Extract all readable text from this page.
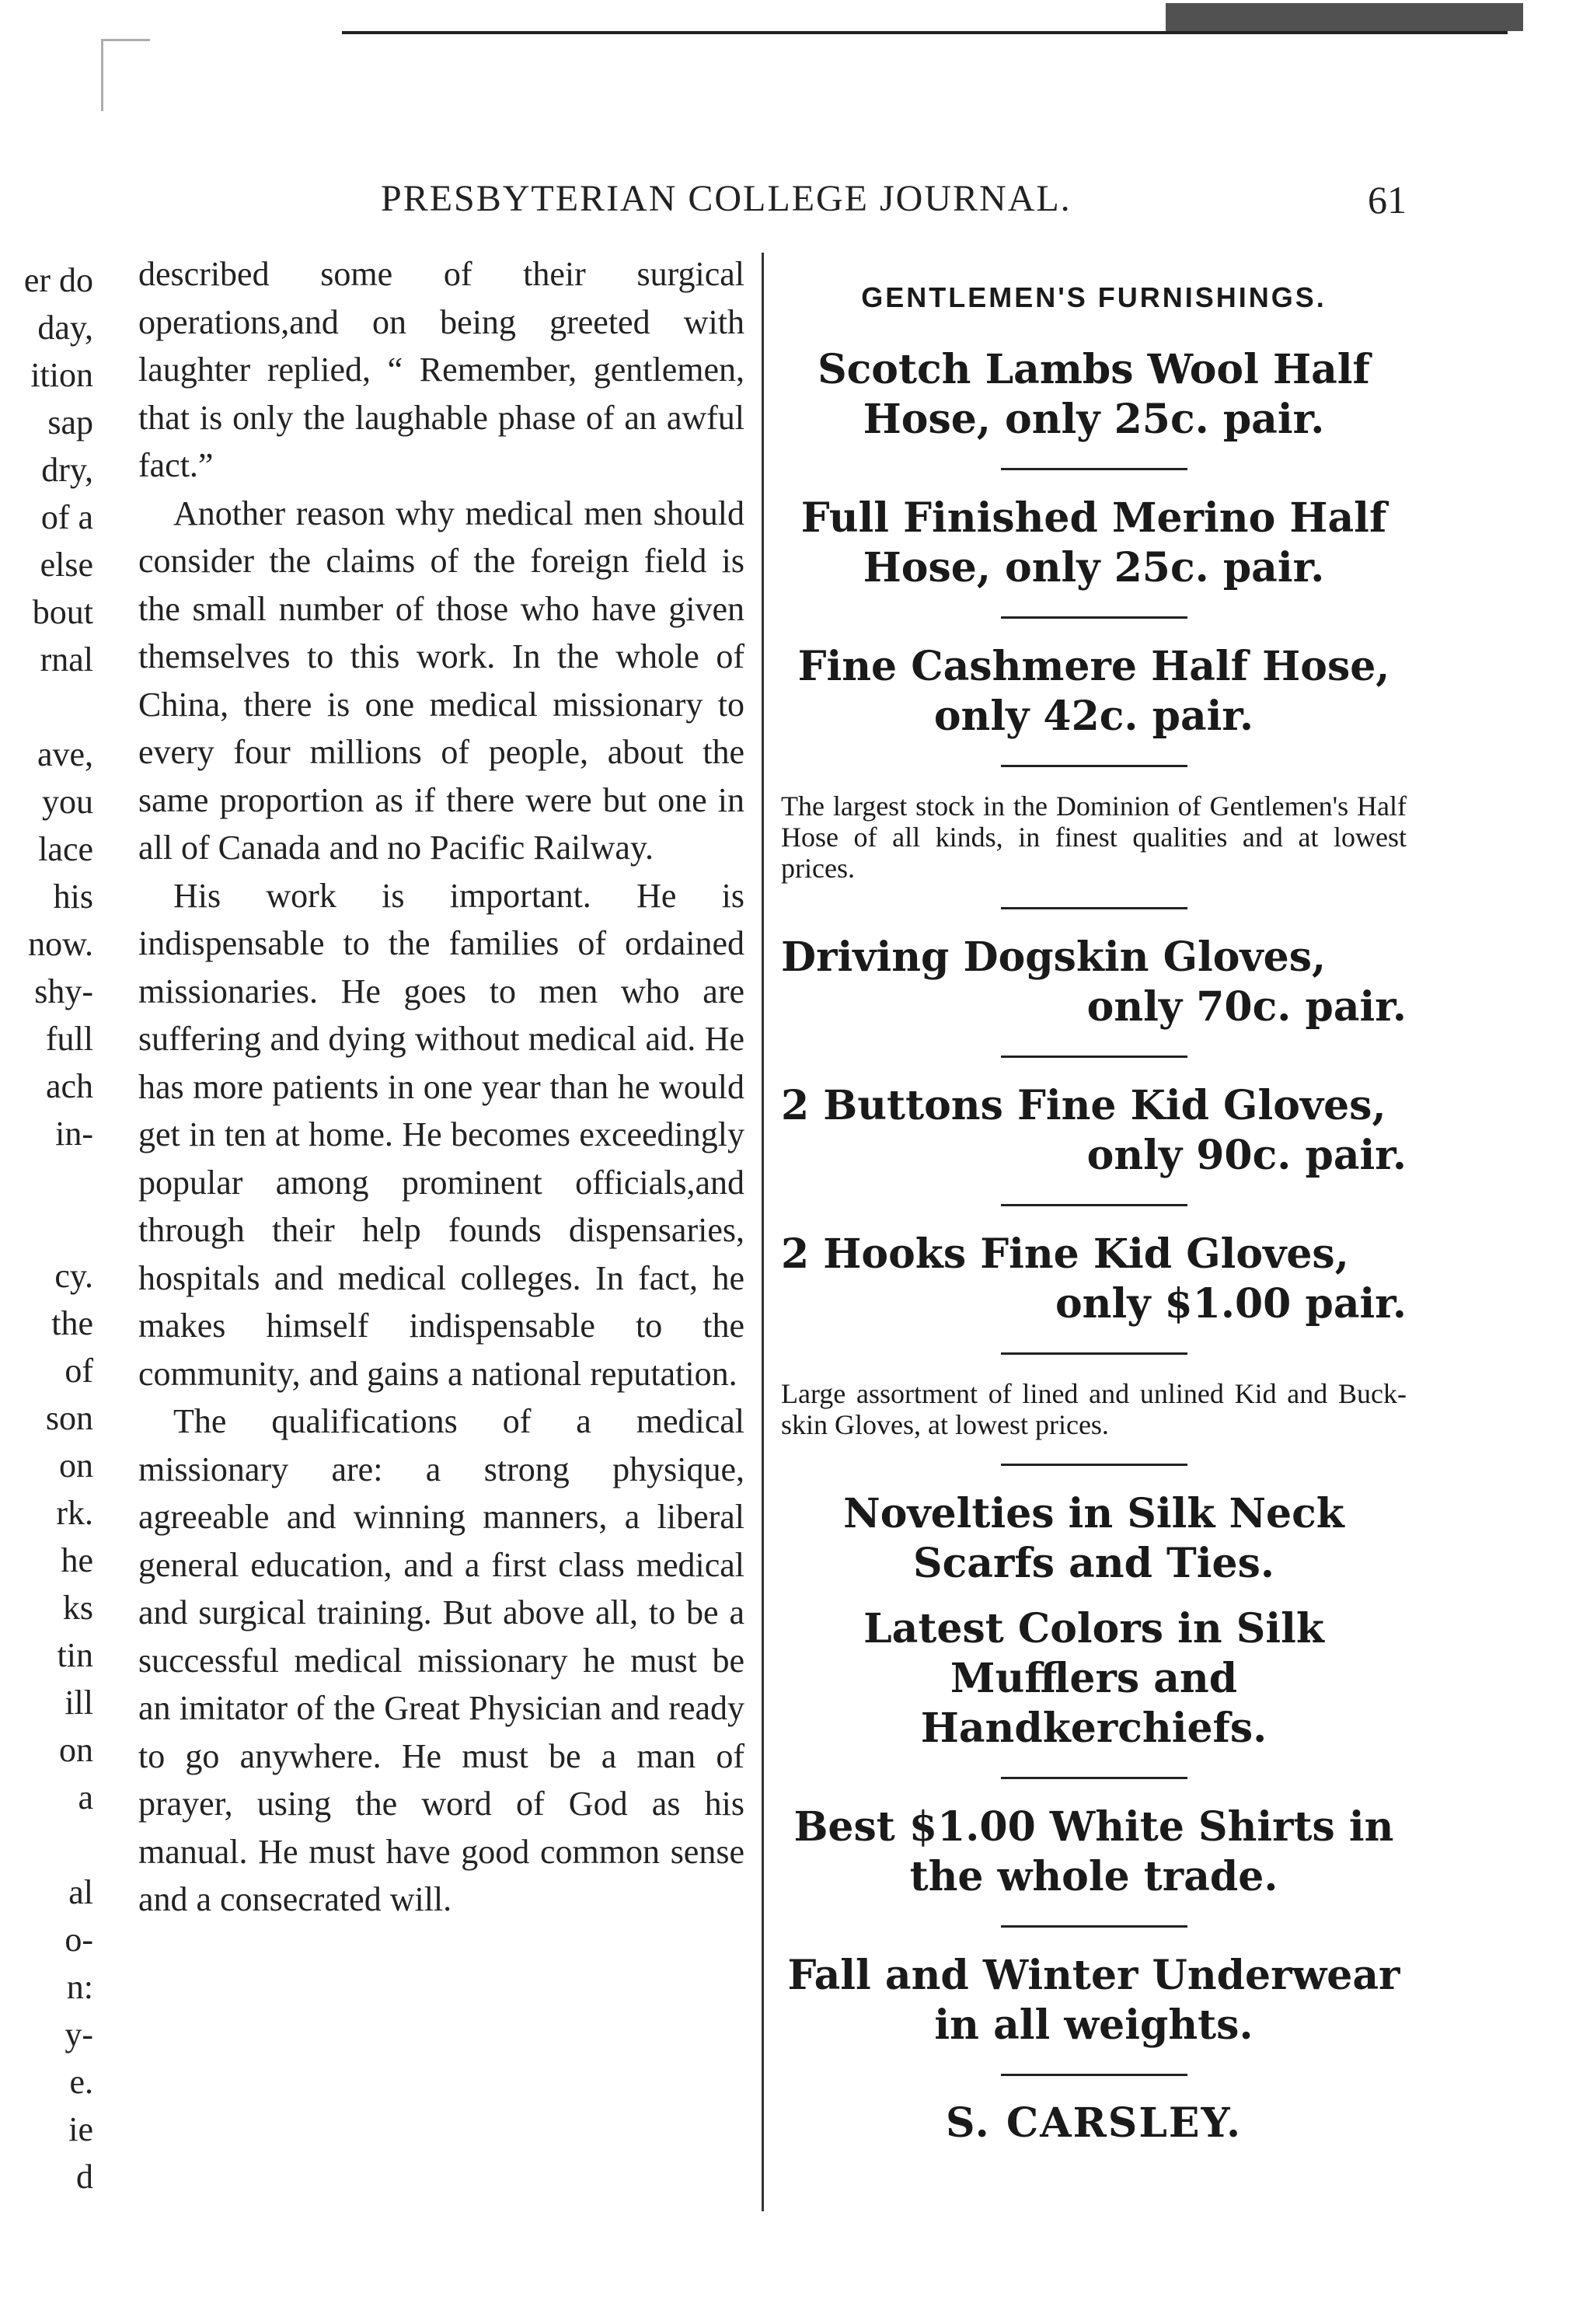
PRESBYTERIAN COLLEGE JOURNAL.	61
er do
day,
ition
sap
dry,
of a
else
bout
rnal
ave,
you
lace
his
now.
shy-
full
ach
in-
cy.
the
of
son
on
rk.
he
ks
tin
ill
on
a
al
o-
n:
y-
e.
ie
d

described some of their surgical operations,and on being greeted with laughter replied, “ Remember, gentlemen, that is only the laughable phase of an awful fact.”

Another reason why medical men should consider the claims of the foreign field is the small number of those who have given themselves to this work. In the whole of China, there is one medical missionary to every four millions of people, about the same proportion as if there were but one in all of Canada and no Pacific Railway.

His work is important. He is indispensable to the families of ordained missionaries. He goes to men who are suffering and dying without medical aid. He has more patients in one year than he would get in ten at home. He becomes exceedingly popular among prominent officials,and through their help founds dispensaries, hospitals and medical colleges. In fact, he makes himself indispensable to the community, and gains a national reputation.

The qualifications of a medical missionary are: a strong physique, agreeable and winning manners, a liberal general education, and a first class medical and surgical training. But above all, to be a successful medical missionary he must be an imitator of the Great Physician and ready to go anywhere. He must be a man of prayer, using the word of God as his manual. He must have good common sense and a consecrated will.

GENTLEMEN'S FURNISHINGS.

Scotch Lambs Wool Half Hose, only 25c. pair.

Full Finished Merino Half Hose, only 25c. pair.

Fine Cashmere Half Hose, only 42c. pair.

The largest stock in the Dominion of Gentlemen's Half Hose of all kinds, in finest qualities and at lowest prices.

Driving Dogskin Gloves,

only 70c. pair.

2 Buttons Fine Kid Gloves,

only 90c. pair.

2 Hooks Fine Kid Gloves,

only $1.00 pair.

Large assortment of lined and unlined Kid and Buck-skin Gloves, at lowest prices.

Novelties in Silk Neck Scarfs and Ties.

Latest Colors in Silk Mufflers and Handkerchiefs.

Best $1.00 White Shirts in the whole trade.

Fall and Winter Underwear in all weights.

S. CARSLEY.
